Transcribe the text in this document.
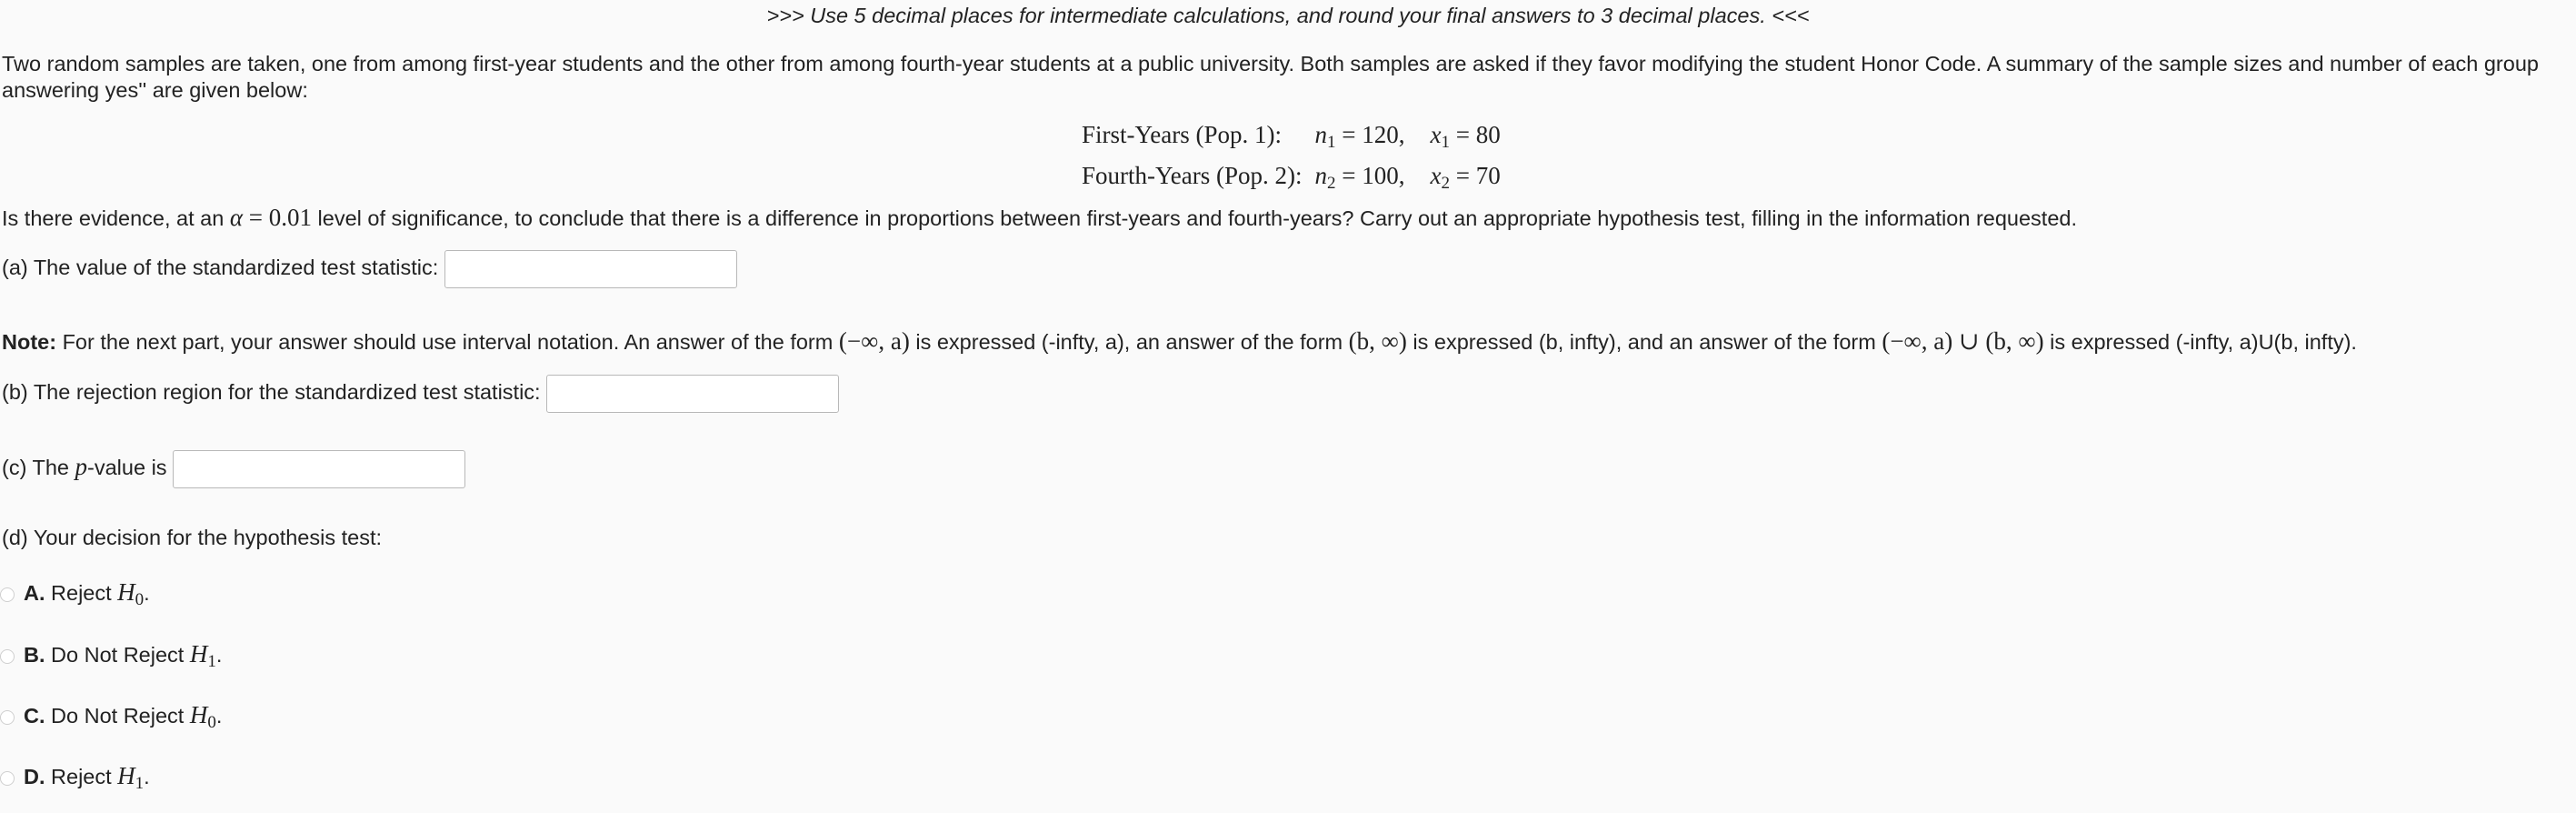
>>> Use 5 decimal places for intermediate calculations, and round your final answers to 3 decimal places. <<<
Two random samples are taken, one from among first-year students and the other from among fourth-year students at a public university. Both samples are asked if they favor modifying the student Honor Code. A summary of the sample sizes and number of each group answering yes'' are given below:
First-Years (Pop. 1):	$n_1 = 120$,	$x_1 = 80$
Fourth-Years (Pop. 2):	$n_2 = 100$,	$x_2 = 70$
Is there evidence, at an α = 0.01 level of significance, to conclude that there is a difference in proportions between first-years and fourth-years? Carry out an appropriate hypothesis test, filling in the information requested.
(a) The value of the standardized test statistic:
Note: For the next part, your answer should use interval notation. An answer of the form (−∞, a) is expressed (-infty, a), an answer of the form (b, ∞) is expressed (b, infty), and an answer of the form (−∞, a) ∪ (b, ∞) is expressed (-infty, a)U(b, infty).
(b) The rejection region for the standardized test statistic:
(c) The p-value is
(d) Your decision for the hypothesis test:
A. Reject $H_0$.
B. Do Not Reject $H_1$.
C. Do Not Reject $H_0$.
D. Reject $H_1$.
